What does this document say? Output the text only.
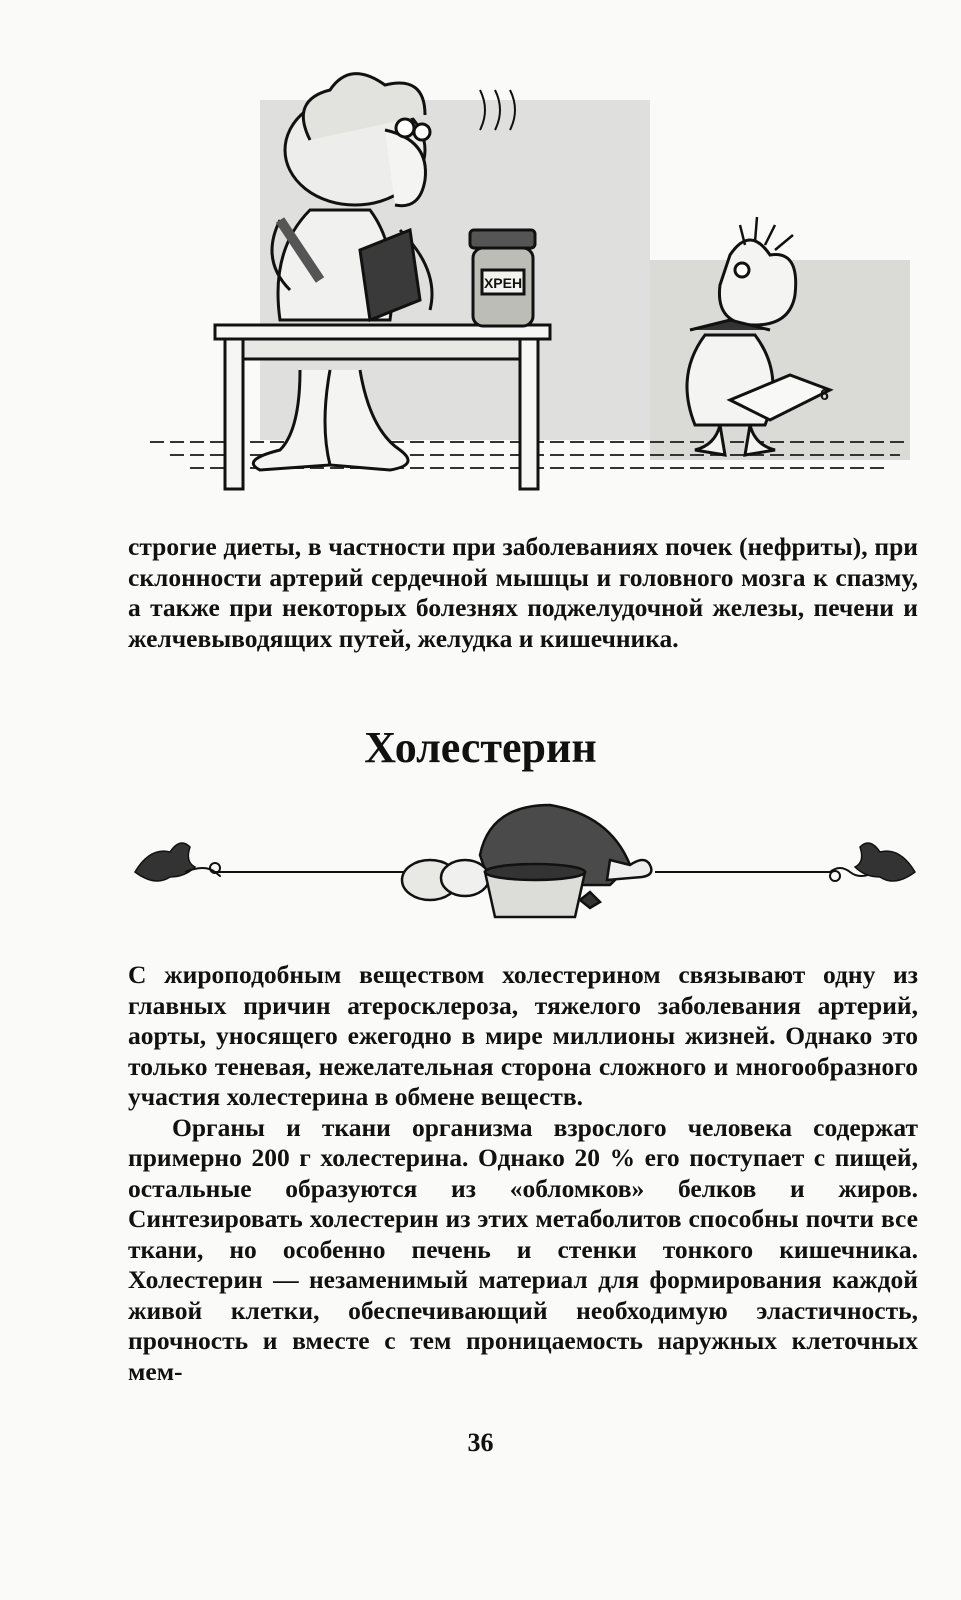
ХРЕН
6

строгие диеты, в частности при заболеваниях почек (нефриты), при склонности артерий сердечной мышцы и головного мозга к спазму, а также при некоторых болезнях поджелудочной железы, печени и желчевыводящих путей, желудка и кишечника.

Холестерин

С жироподобным веществом холестерином связывают одну из главных причин атеросклероза, тяжелого заболевания артерий, аорты, уносящего ежегодно в мире миллионы жизней. Однако это только теневая, нежелательная сторона сложного и многообразного участия холестерина в обмене веществ.

Органы и ткани организма взрослого человека содержат примерно 200 г холестерина. Однако 20 % его поступает с пищей, остальные образуются из «обломков» белков и жиров. Синтезировать холестерин из этих метаболитов способны почти все ткани, но особенно печень и стенки тонкого кишечника. Холестерин — незаменимый материал для формирования каждой живой клетки, обеспечивающий необходимую эластичность, прочность и вместе с тем проницаемость наружных клеточных мем-

36
